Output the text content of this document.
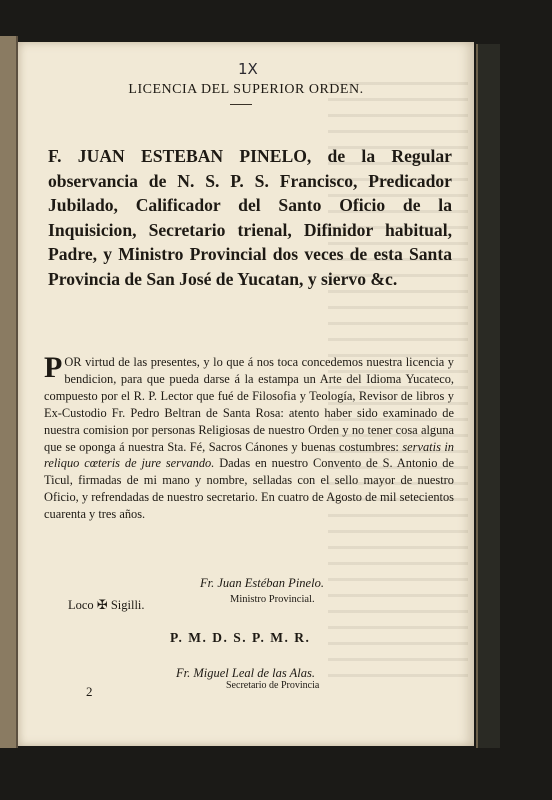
1X
LICENCIA DEL SUPERIOR ORDEN.
F. JUAN ESTEBAN PINELO, de la Regular observancia de N. S. P. S. Francisco, Predicador Jubilado, Calificador del Santo Oficio de la Inquisicion, Secretario trienal, Difinidor habitual, Padre, y Ministro Provincial dos veces de esta Santa Provincia de San José de Yucatan, y siervo &c.
POR virtud de las presentes, y lo que á nos toca concedemos nuestra licencia y bendicion, para que pueda darse á la estampa un Arte del Idioma Yucateco, compuesto por el R. P. Lector que fué de Filosofia y Teología, Revisor de libros y Ex-Custodio Fr. Pedro Beltran de Santa Rosa: atento haber sido examinado de nuestra comision por personas Religiosas de nuestro Orden y no tener cosa alguna que se oponga á nuestra Sta. Fé, Sacros Cánones y buenas costumbres: servatis in reliquo cœteris de jure servando. Dadas en nuestro Convento de S. Antonio de Ticul, firmadas de mi mano y nombre, selladas con el sello mayor de nuestro Oficio, y refrendadas de nuestro secretario. En cuatro de Agosto de mil setecientos cuarenta y tres años.
Fr. Juan Estéban Pinelo.
Ministro Provincial.
Loco ✠ Sigilli.
P. M. D. S. P. M. R.
Fr. Miguel Leal de las Alas.
Secretario de Provincia
2
